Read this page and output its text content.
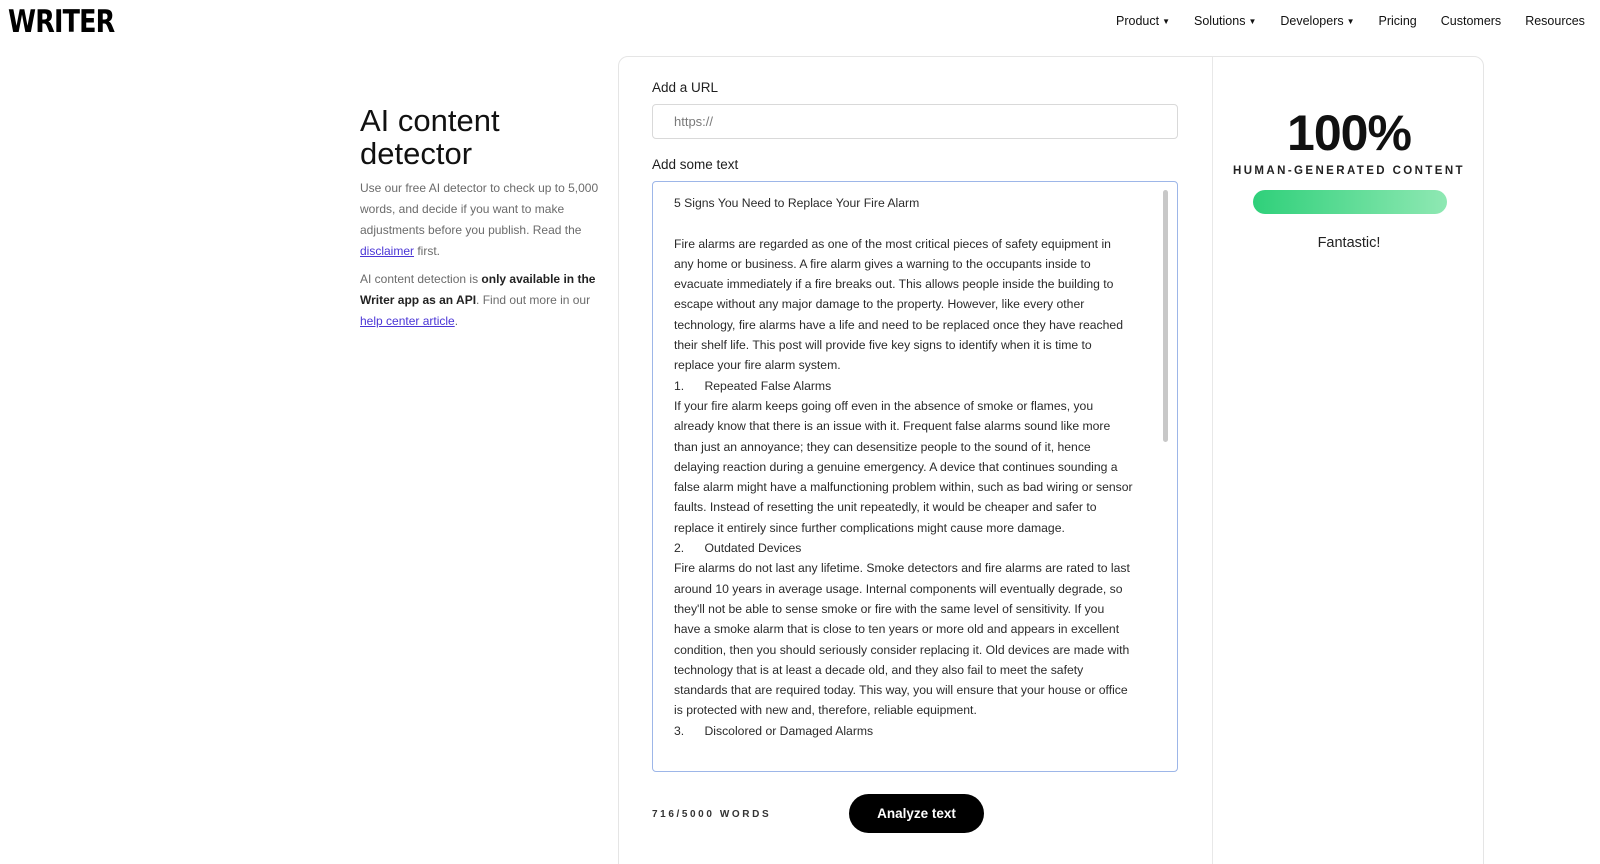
WRITER	Product ▼ Solutions ▼ Developers ▼ Pricing Customers Resources
AI content detector

Use our free AI detector to check up to 5,000 words, and decide if you want to make adjustments before you publish. Read the disclaimer first.

AI content detection is only available in the Writer app as an API. Find out more in our help center article.

Add a URL
https://
Add some text
5 Signs You Need to Replace Your Fire Alarm

Fire alarms are regarded as one of the most critical pieces of safety equipment in any home or business. A fire alarm gives a warning to the occupants inside to evacuate immediately if a fire breaks out. This allows people inside the building to escape without any major damage to the property. However, like every other technology, fire alarms have a life and need to be replaced once they have reached their shelf life. This post will provide five key signs to identify when it is time to replace your fire alarm system.
1.      Repeated False Alarms
If your fire alarm keeps going off even in the absence of smoke or flames, you already know that there is an issue with it. Frequent false alarms sound like more than just an annoyance; they can desensitize people to the sound of it, hence delaying reaction during a genuine emergency. A device that continues sounding a false alarm might have a malfunctioning problem within, such as bad wiring or sensor faults. Instead of resetting the unit repeatedly, it would be cheaper and safer to replace it entirely since further complications might cause more damage.
2.      Outdated Devices
Fire alarms do not last any lifetime. Smoke detectors and fire alarms are rated to last around 10 years in average usage. Internal components will eventually degrade, so they'll not be able to sense smoke or fire with the same level of sensitivity. If you have a smoke alarm that is close to ten years or more old and appears in excellent condition, then you should seriously consider replacing it. Old devices are made with technology that is at least a decade old, and they also fail to meet the safety standards that are required today. This way, you will ensure that your house or office is protected with new and, therefore, reliable equipment.
3.      Discolored or Damaged Alarms
716/5000 WORDS	Analyze text
100%
HUMAN-GENERATED CONTENT
Fantastic!
